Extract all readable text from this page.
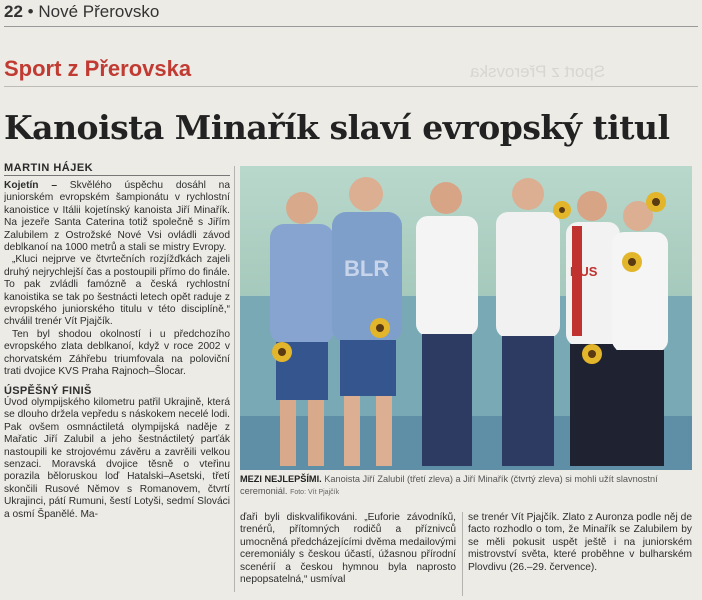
22 • Nové Přerovsko
Sport z Přerovska	Sport z Přerovska
Kanoista Minařík slaví evropský titul
MARTIN HÁJEK

Kojetín – Skvělého úspěchu dosáhl na juniorském evropském šampionátu v rychlostní kanoistice v Itálii kojetínský kanoista Jiří Minařík. Na jezeře Santa Caterina totiž společně s Jiřím Zalubilem z Ostrožské Nové Vsi ovládli závod deblkanoí na 1000 metrů a stali se mistry Evropy.

„Kluci nejprve ve čtvrtečních rozjížďkách zajeli druhý nejrychlejší čas a postoupili přímo do finále. To pak zvládli famózně a česká rychlostní kanoistika se tak po šestnácti letech opět raduje z evropského juniorského titulu v této disciplíně,“ chválil trenér Vít Pjajčík.

Ten byl shodou okolností i u předchozího evropského zlata deblkanoí, když v roce 2002 v chorvatském Záhřebu triumfovala na poloviční trati dvojice KVS Praha Rajnoch–Šlocar.

ÚSPĚŠNÝ FINIŠ

Úvod olympijského kilometru patřil Ukrajině, která se dlouho držela vepředu s náskokem necelé lodi. Pak ovšem osmnáctiletá olympijská naděje z Mařatic Jiří Zalubil a jeho šestnáctiletý parťák nastoupili ke strojovému závěru a zavrěili velkou senzaci. Moravská dvojice těsně o vteřinu porazila běloruskou loď Hatalski–Asetski, třetí skončili Rusové Němov s Romanovem, čtvrtí Ukrajinci, pátí Rumuni, šestí Lotyši, sedmí Slováci a osmí Španělé. Ma-

BLR	RUS
MEZI NEJLEPŠÍMI. Kanoista Jiří Zalubil (třetí zleva) a Jiří Minařík (čtvrtý zleva) si mohli užít slavnostní ceremoniál. Foto: Vít Pjajčík

ďaři byli diskvalifikováni. „Euforie závodníků, trenérů, přítomných rodičů a příznivců umocněná předcházejícími dvěma medailovými ceremoniály s českou účastí, úžasnou přírodní scenérií a českou hymnou byla naprosto nepopsatelná,“ usmíval

se trenér Vít Pjajčík. Zlato z Auronza podle něj de facto rozhodlo o tom, že Minařík se Zalubilem by se měli pokusit uspět ještě i na juniorském mistrovství světa, které proběhne v bulharském Plovdivu (26.–29. července).
